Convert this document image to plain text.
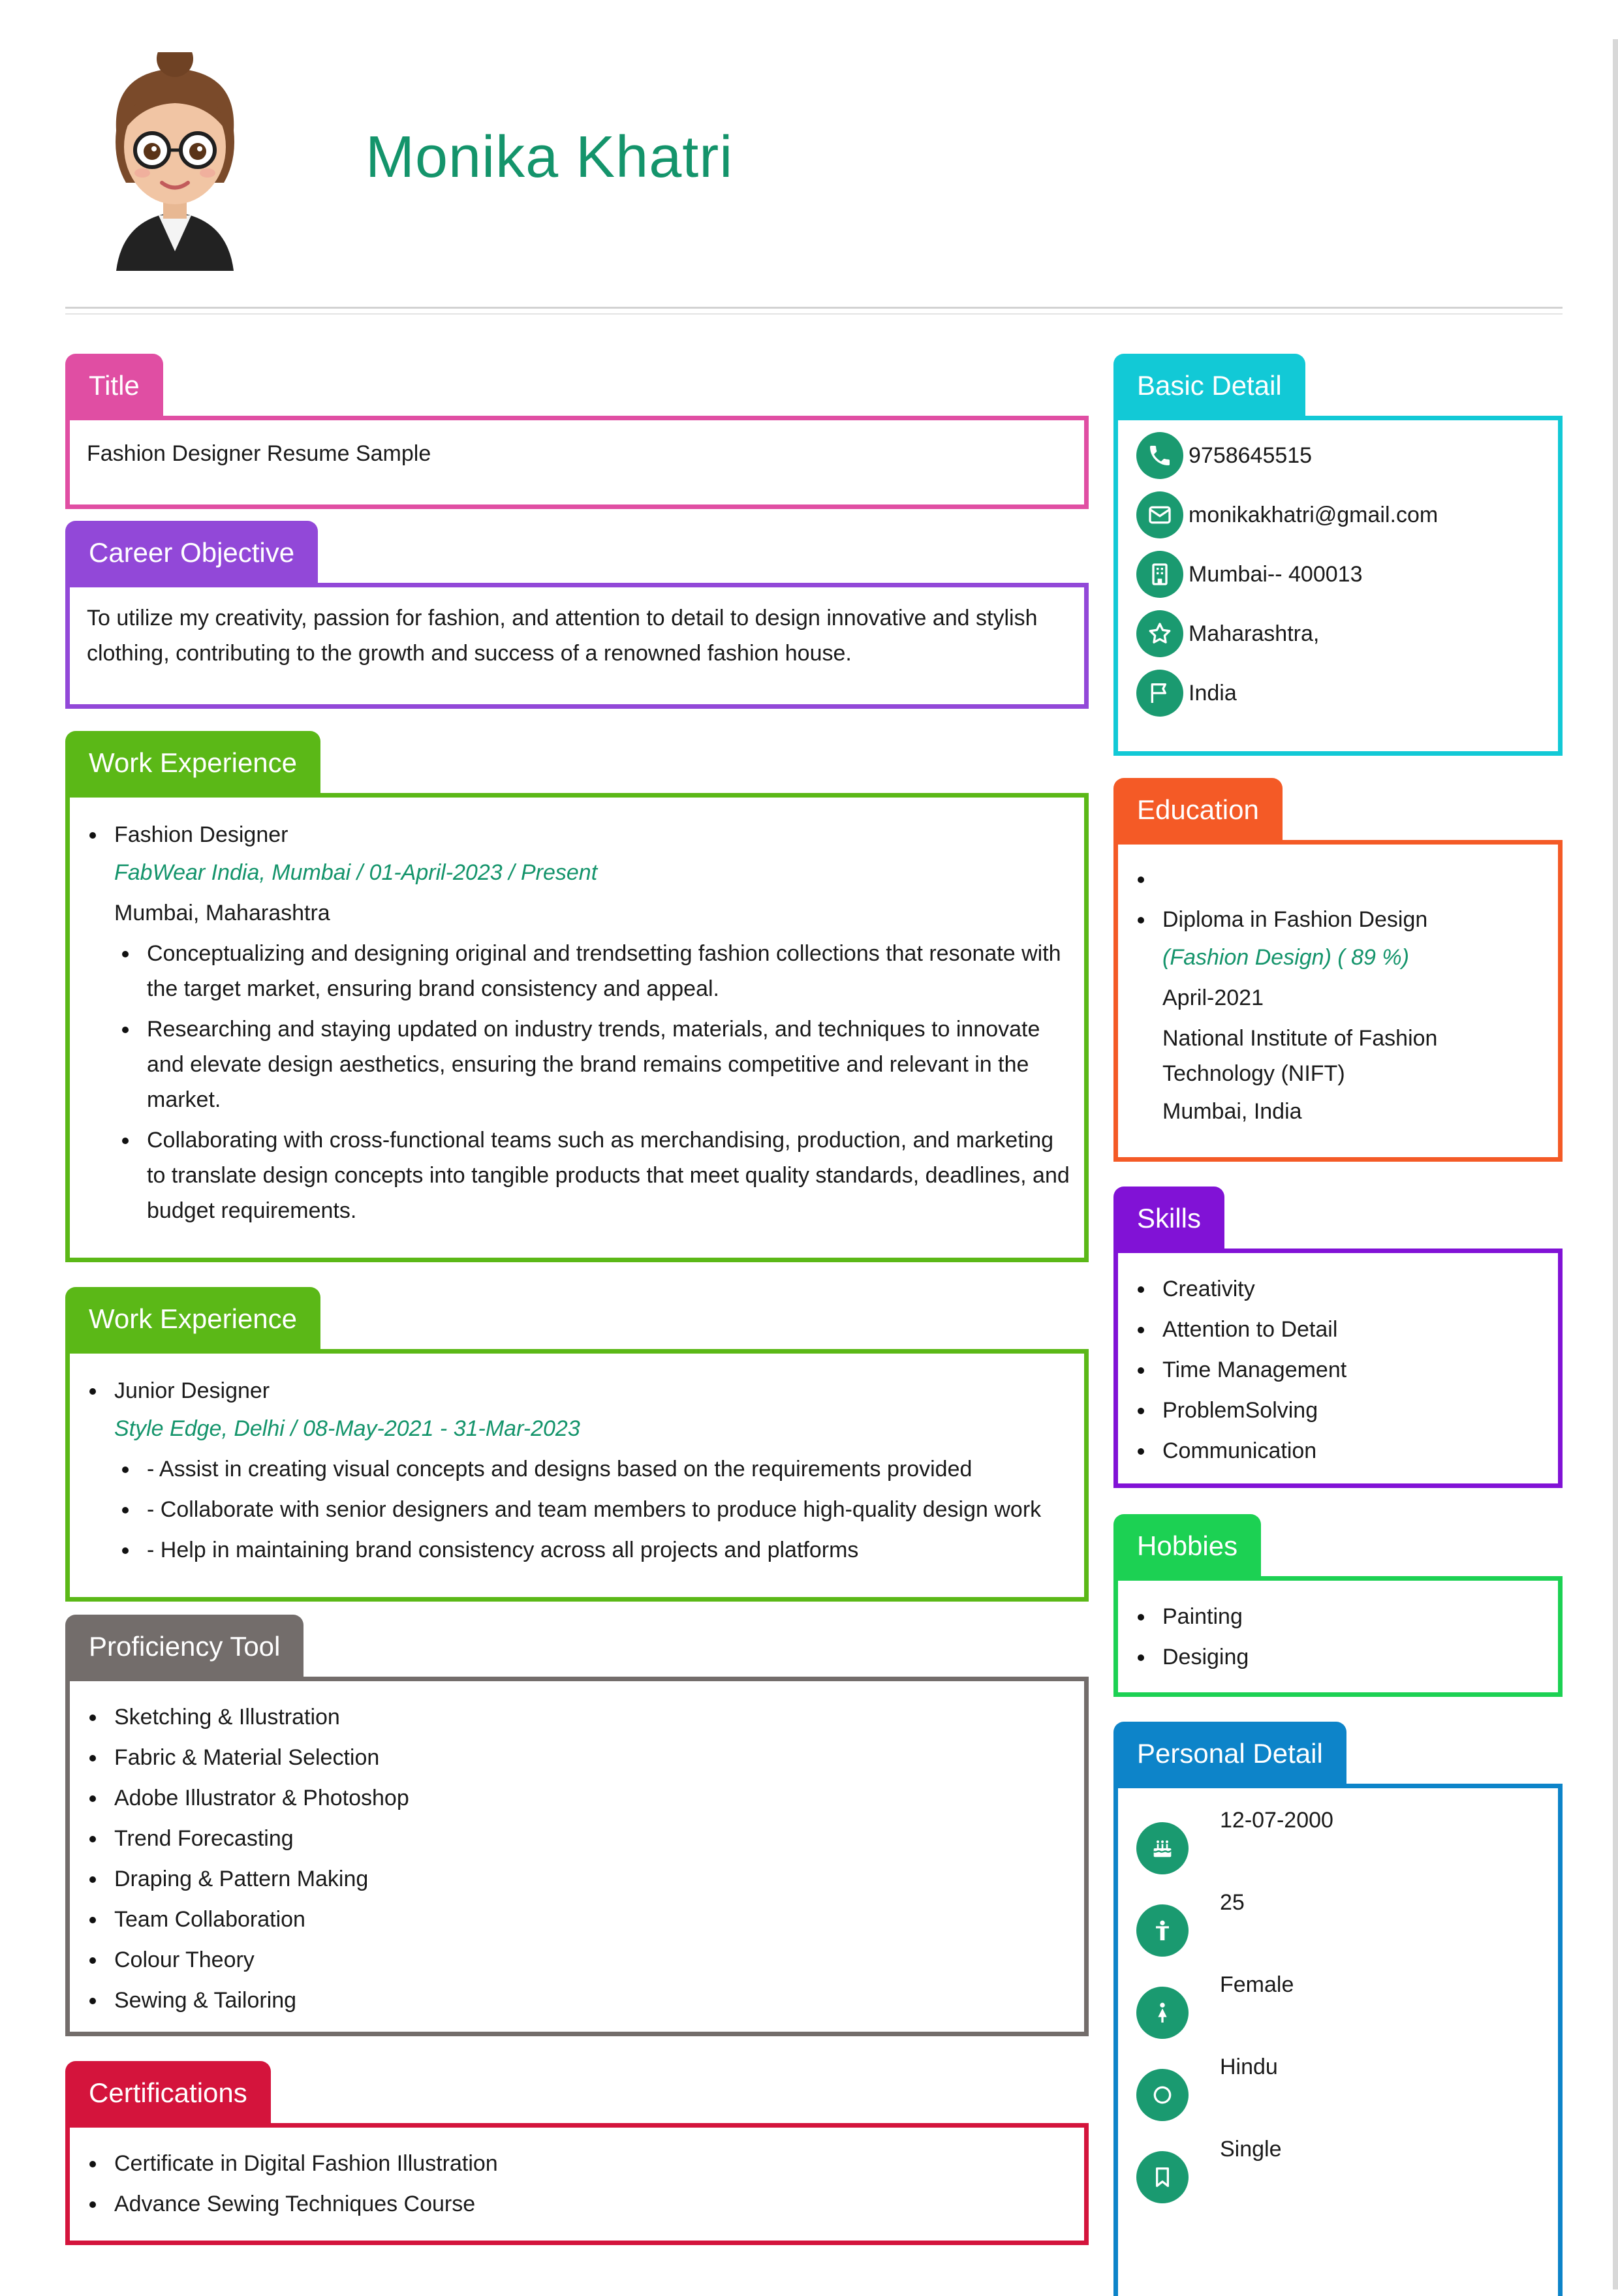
Monika Khatri
Title
Fashion Designer Resume Sample
Career Objective
To utilize my creativity, passion for fashion, and attention to detail to design innovative and stylish clothing, contributing to the growth and success of a renowned fashion house.
Work Experience
Fashion Designer
FabWear India, Mumbai / 01-April-2023 / Present
Mumbai, Maharashtra
Conceptualizing and designing original and trendsetting fashion collections that resonate with the target market, ensuring brand consistency and appeal.
Researching and staying updated on industry trends, materials, and techniques to innovate and elevate design aesthetics, ensuring the brand remains competitive and relevant in the market.
Collaborating with cross-functional teams such as merchandising, production, and marketing to translate design concepts into tangible products that meet quality standards, deadlines, and budget requirements.
Work Experience
Junior Designer
Style Edge, Delhi / 08-May-2021 - 31-Mar-2023
- Assist in creating visual concepts and designs based on the requirements provided
- Collaborate with senior designers and team members to produce high-quality design work
- Help in maintaining brand consistency across all projects and platforms
Proficiency Tool
Sketching & Illustration
Fabric & Material Selection
Adobe Illustrator & Photoshop
Trend Forecasting
Draping & Pattern Making
Team Collaboration
Colour Theory
Sewing & Tailoring
Certifications
Certificate in Digital Fashion Illustration
Advance Sewing Techniques Course
Basic Detail
9758645515
monikakhatri@gmail.com
Mumbai-- 400013
Maharashtra,
India
Education
Diploma in Fashion Design
(Fashion Design) ( 89 %)
April-2021
National Institute of Fashion Technology (NIFT)
Mumbai, India
Skills
Creativity
Attention to Detail
Time Management
ProblemSolving
Communication
Hobbies
Painting
Desiging
Personal Detail
12-07-2000
25
Female
Hindu
Single
